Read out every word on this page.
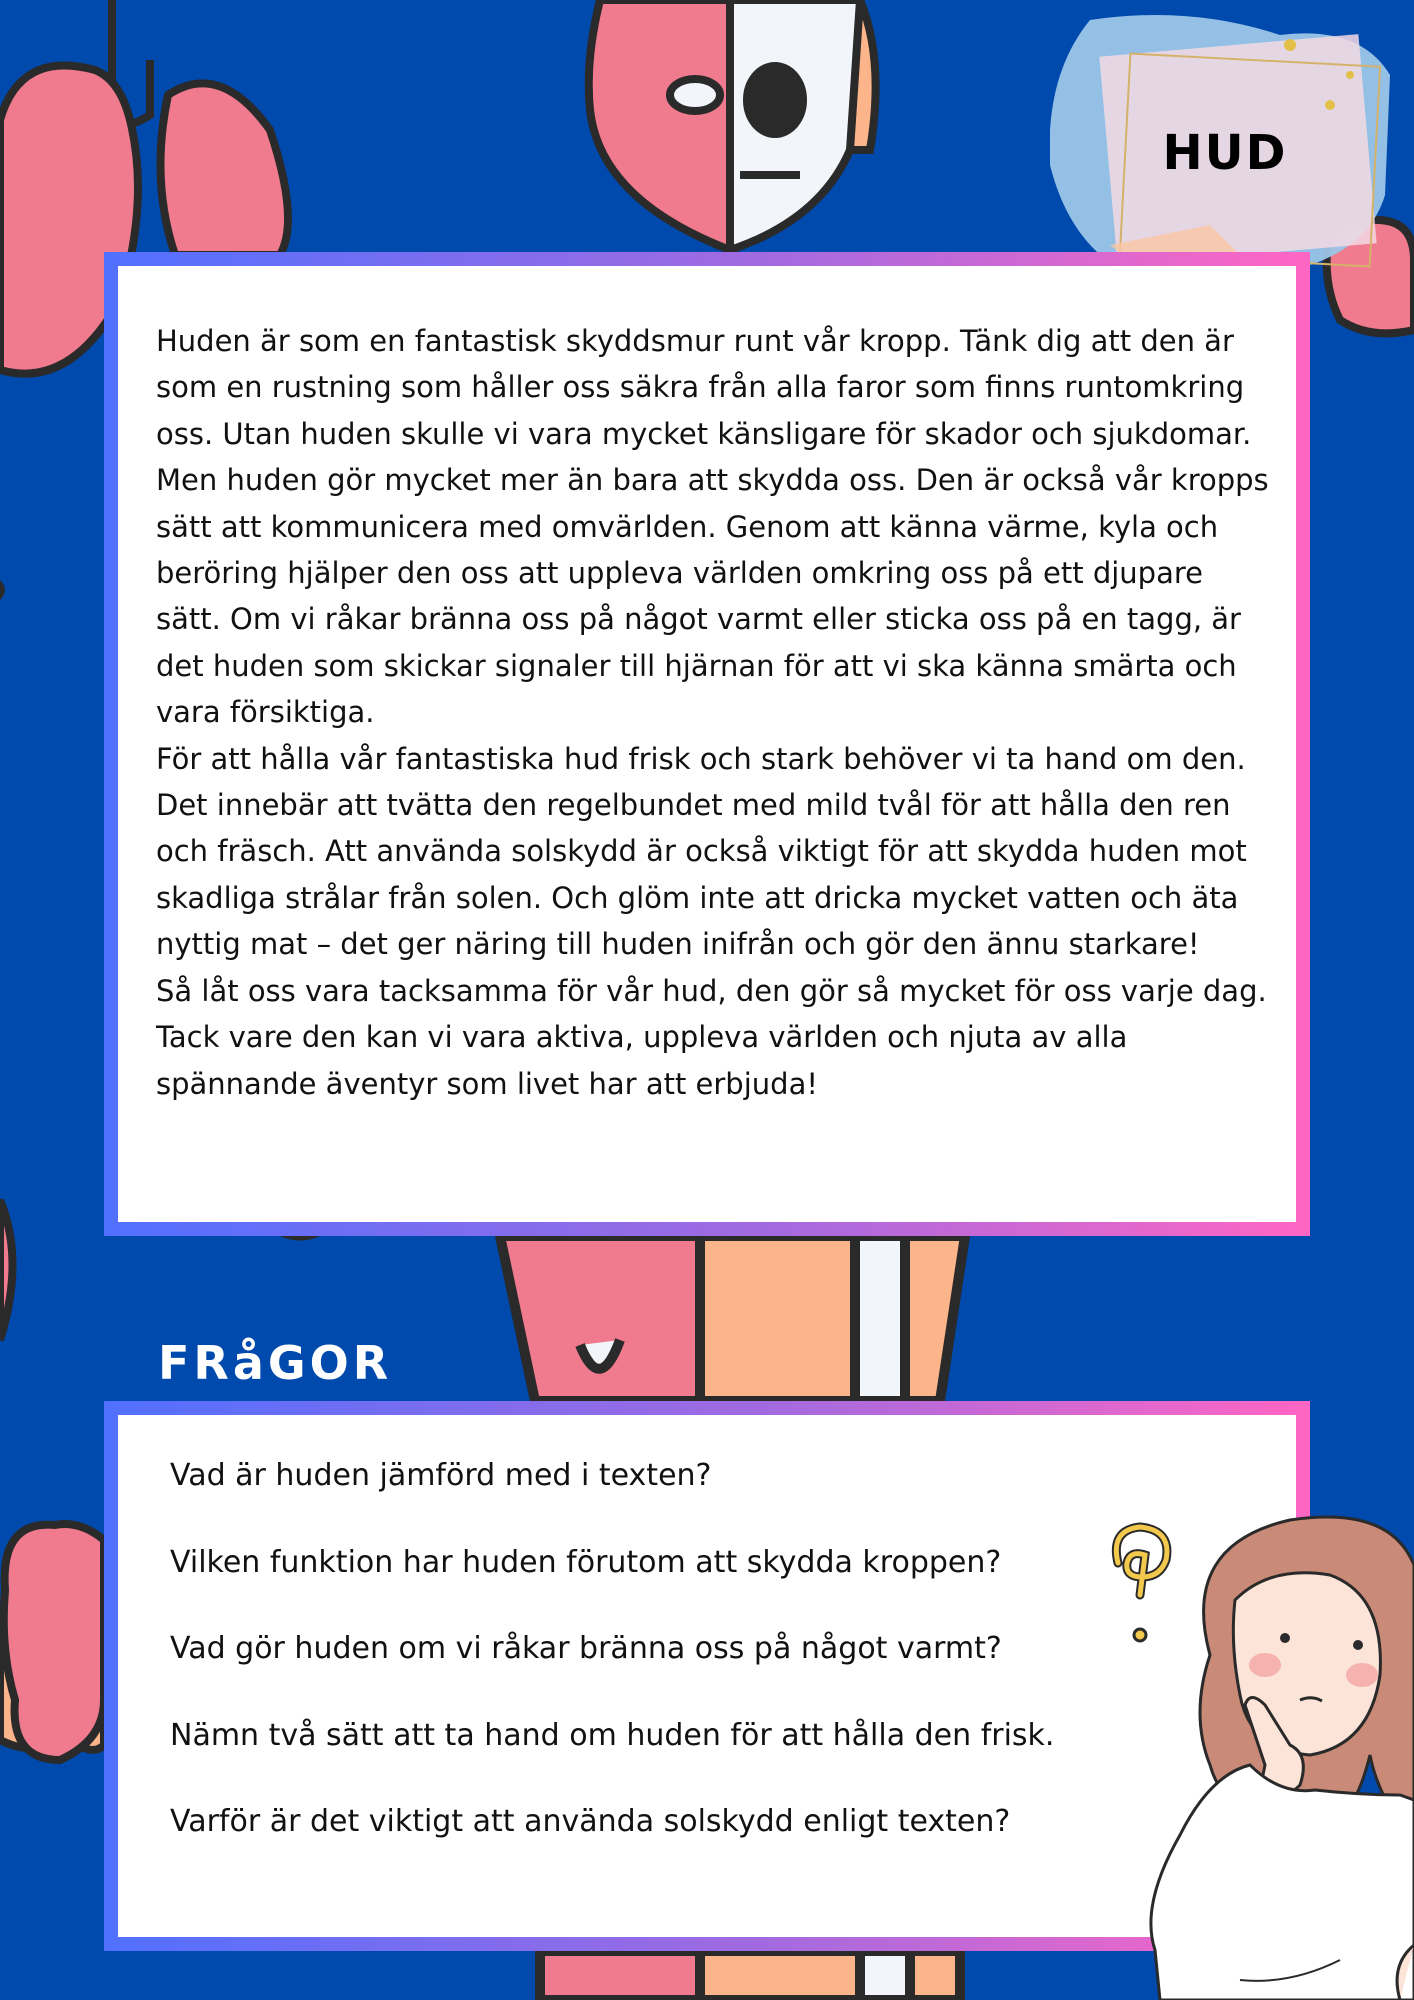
HUD

Huden är som en fantastisk skyddsmur runt vår kropp. Tänk dig att den är som en rustning som håller oss säkra från alla faror som finns runtomkring oss. Utan huden skulle vi vara mycket känsligare för skador och sjukdomar.

Men huden gör mycket mer än bara att skydda oss. Den är också vår kropps sätt att kommunicera med omvärlden. Genom att känna värme, kyla och beröring hjälper den oss att uppleva världen omkring oss på ett djupare sätt. Om vi råkar bränna oss på något varmt eller sticka oss på en tagg, är det huden som skickar signaler till hjärnan för att vi ska känna smärta och vara försiktiga.

För att hålla vår fantastiska hud frisk och stark behöver vi ta hand om den. Det innebär att tvätta den regelbundet med mild tvål för att hålla den ren och fräsch. Att använda solskydd är också viktigt för att skydda huden mot skadliga strålar från solen. Och glöm inte att dricka mycket vatten och äta nyttig mat – det ger näring till huden inifrån och gör den ännu starkare!

Så låt oss vara tacksamma för vår hud, den gör så mycket för oss varje dag. Tack vare den kan vi vara aktiva, uppleva världen och njuta av alla spännande äventyr som livet har att erbjuda!

FRåGOR

Vad är huden jämförd med i texten?

Vilken funktion har huden förutom att skydda kroppen?

Vad gör huden om vi råkar bränna oss på något varmt?

Nämn två sätt att ta hand om huden för att hålla den frisk.

Varför är det viktigt att använda solskydd enligt texten?
